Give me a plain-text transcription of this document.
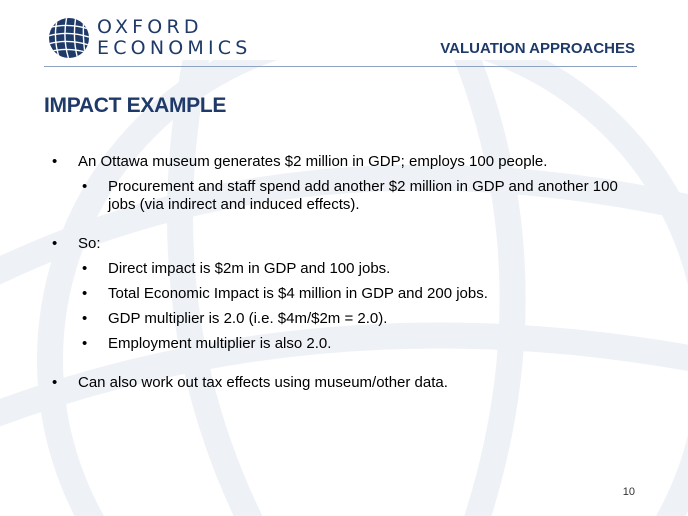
OXFORD
ECONOMICS	VALUATION APPROACHES
IMPACT EXAMPLE
• An Ottawa museum generates $2 million in GDP; employs 100 people.
• Procurement and staff spend add another $2 million in GDP and another 100 jobs (via indirect and induced effects).
• So:
• Direct impact is $2m in GDP and 100 jobs.
• Total Economic Impact is $4 million in GDP and 200 jobs.
• GDP multiplier is 2.0 (i.e. $4m/$2m = 2.0).
• Employment multiplier is also 2.0.
• Can also work out tax effects using museum/other data.
10
